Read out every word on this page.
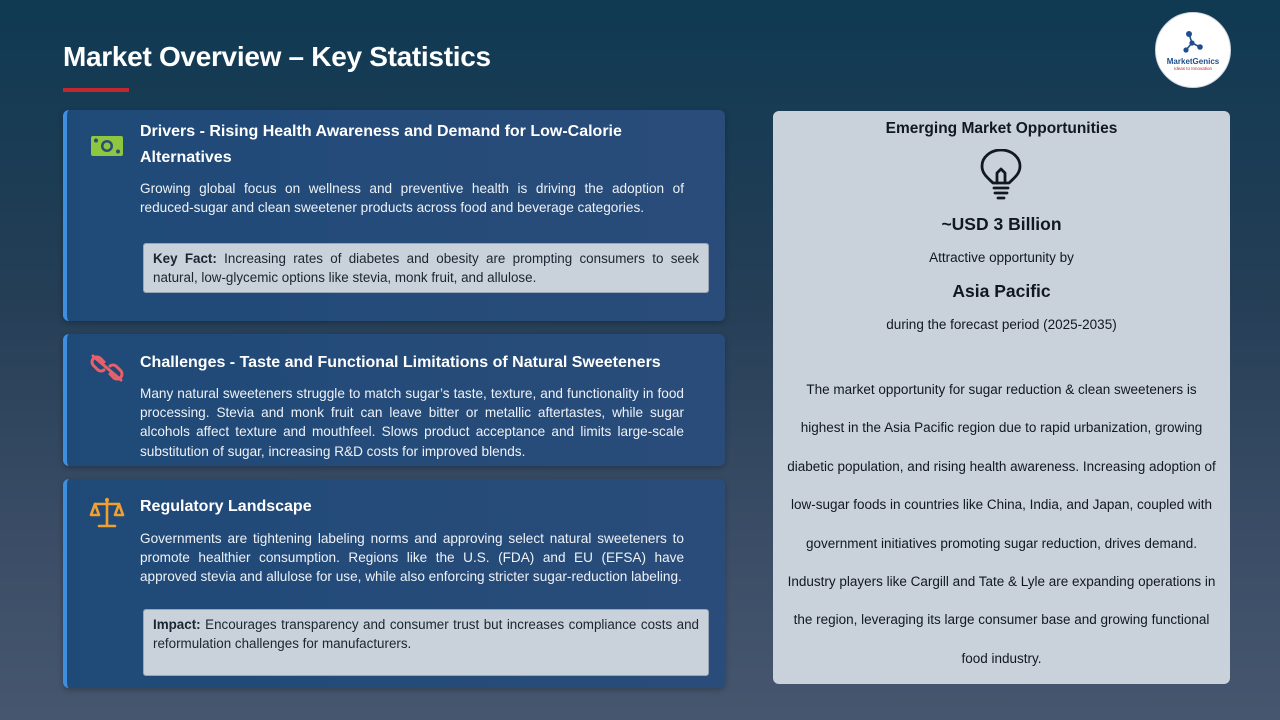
Market Overview – Key Statistics	MarketGenics
Ideas to Innovation
Drivers - Rising Health Awareness and Demand for Low-Calorie Alternatives
Growing global focus on wellness and preventive health is driving the adoption of reduced-sugar and clean sweetener products across food and beverage categories.
Key Fact: Increasing rates of diabetes and obesity are prompting consumers to seek natural, low-glycemic options like stevia, monk fruit, and allulose.
Challenges - Taste and Functional Limitations of Natural Sweeteners
Many natural sweeteners struggle to match sugar’s taste, texture, and functionality in food processing. Stevia and monk fruit can leave bitter or metallic aftertastes, while sugar alcohols affect texture and mouthfeel. Slows product acceptance and limits large-scale substitution of sugar, increasing R&D costs for improved blends.
Regulatory Landscape
Governments are tightening labeling norms and approving select natural sweeteners to promote healthier consumption. Regions like the U.S. (FDA) and EU (EFSA) have approved stevia and allulose for use, while also enforcing stricter sugar-reduction labeling.
Impact: Encourages transparency and consumer trust but increases compliance costs and reformulation challenges for manufacturers.
Emerging Market Opportunities
~USD 3 Billion
Attractive opportunity by
Asia Pacific
during the forecast period (2025-2035)
The market opportunity for sugar reduction & clean sweeteners is highest in the Asia Pacific region due to rapid urbanization, growing diabetic population, and rising health awareness. Increasing adoption of low-sugar foods in countries like China, India, and Japan, coupled with government initiatives promoting sugar reduction, drives demand. Industry players like Cargill and Tate & Lyle are expanding operations in the region, leveraging its large consumer base and growing functional food industry.
